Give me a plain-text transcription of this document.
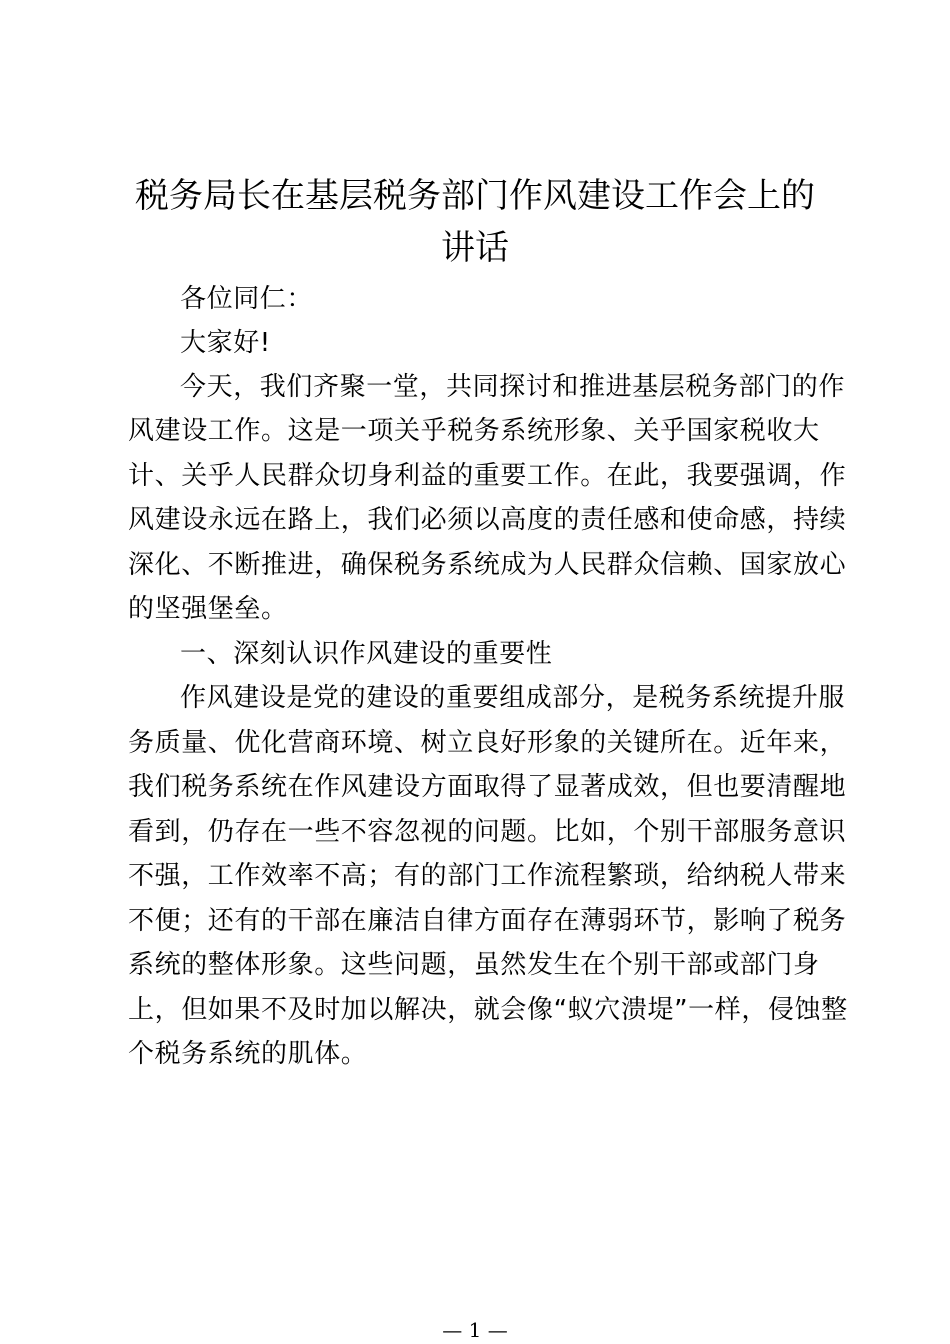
税务局长在基层税务部门作风建设工作会上的
讲话
各位同仁：
大家好!
今天，我们齐聚一堂，共同探讨和推进基层税务部门的作
风建设工作。这是一项关乎税务系统形象、关乎国家税收大
计、关乎人民群众切身利益的重要工作。在此，我要强调，作
风建设永远在路上，我们必须以高度的责任感和使命感，持续
深化、不断推进，确保税务系统成为人民群众信赖、国家放心
的坚强堡垒。
一、深刻认识作风建设的重要性
作风建设是党的建设的重要组成部分，是税务系统提升服
务质量、优化营商环境、树立良好形象的关键所在。近年来，
我们税务系统在作风建设方面取得了显著成效，但也要清醒地
看到，仍存在一些不容忽视的问题。比如，个别干部服务意识
不强，工作效率不高；有的部门工作流程繁琐，给纳税人带来
不便；还有的干部在廉洁自律方面存在薄弱环节，影响了税务
系统的整体形象。这些问题，虽然发生在个别干部或部门身
上，但如果不及时加以解决，就会像“蚁穴溃堤”一样，侵蚀整
个税务系统的肌体。
— 1 —
